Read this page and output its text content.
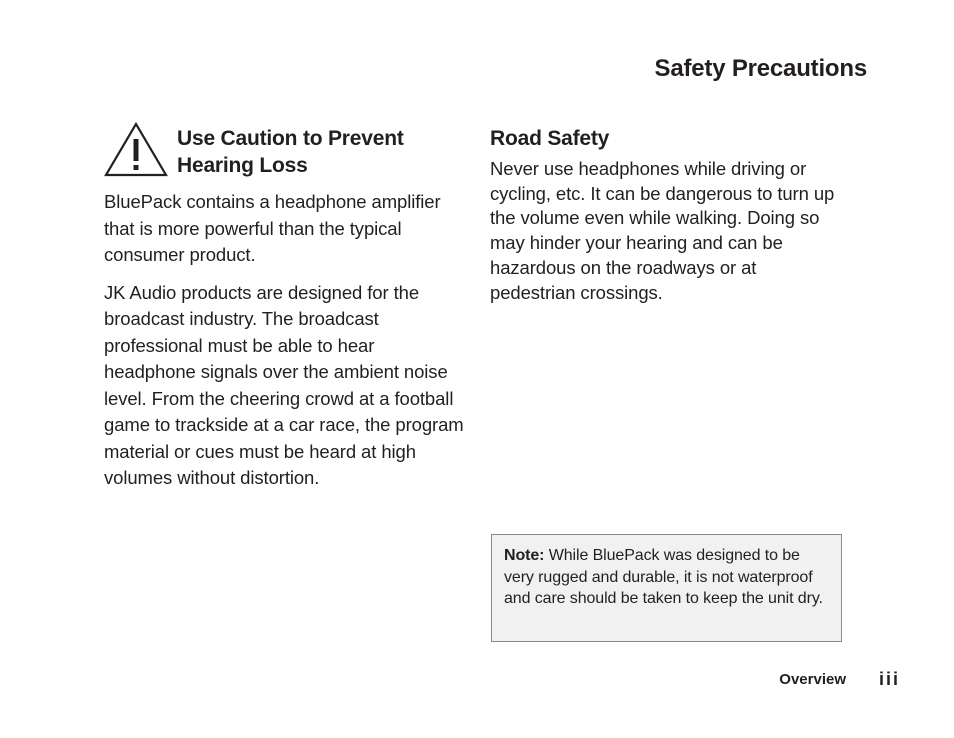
Safety Precautions
Use Caution to Prevent Hearing Loss

BluePack contains a headphone amplifier that is more powerful than the typical consumer product.

JK Audio products are designed for the broadcast industry. The broadcast professional must be able to hear headphone signals over the ambient noise level. From the cheering crowd at a football game to trackside at a car race, the program material or cues must be heard at high volumes without distortion.

Road Safety

Never use headphones while driving or cycling, etc. It can be dangerous to turn up the volume even while walking. Doing so may hinder your hearing and can be hazardous on the roadways or at pedestrian crossings.

Note: While BluePack was designed to be very rugged and durable, it is not waterproof and care should be taken to keep the unit dry.
Overview iii
